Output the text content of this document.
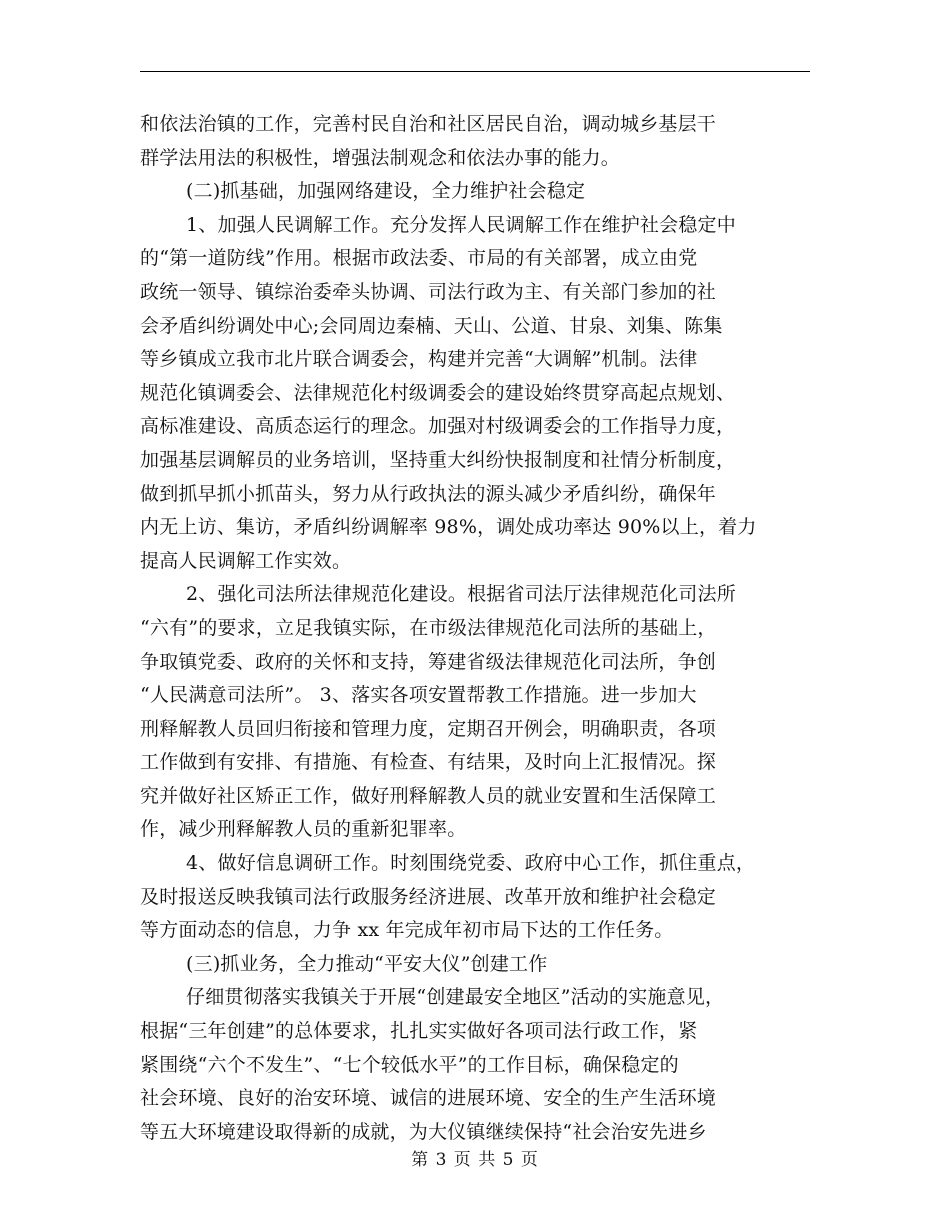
和依法治镇的工作，完善村民自治和社区居民自治，调动城乡基层干
群学法用法的积极性，增强法制观念和依法办事的能力。
(二)抓基础，加强网络建设，全力维护社会稳定
1、加强人民调解工作。充分发挥人民调解工作在维护社会稳定中
的“第一道防线”作用。根据市政法委、市局的有关部署，成立由党
政统一领导、镇综治委牵头协调、司法行政为主、有关部门参加的社
会矛盾纠纷调处中心;会同周边秦楠、天山、公道、甘泉、刘集、陈集
等乡镇成立我市北片联合调委会，构建并完善“大调解”机制。法律
规范化镇调委会、法律规范化村级调委会的建设始终贯穿高起点规划、
高标准建设、高质态运行的理念。加强对村级调委会的工作指导力度，
加强基层调解员的业务培训，坚持重大纠纷快报制度和社情分析制度，
做到抓早抓小抓苗头，努力从行政执法的源头减少矛盾纠纷，确保年
内无上访、集访，矛盾纠纷调解率 98%，调处成功率达 90%以上，着力
提高人民调解工作实效。
2、强化司法所法律规范化建设。根据省司法厅法律规范化司法所
“六有”的要求，立足我镇实际，在市级法律规范化司法所的基础上，
争取镇党委、政府的关怀和支持，筹建省级法律规范化司法所，争创
“人民满意司法所”。 3、落实各项安置帮教工作措施。进一步加大
刑释解教人员回归衔接和管理力度，定期召开例会，明确职责，各项
工作做到有安排、有措施、有检查、有结果，及时向上汇报情况。探
究并做好社区矫正工作，做好刑释解教人员的就业安置和生活保障工
作，减少刑释解教人员的重新犯罪率。
4、做好信息调研工作。时刻围绕党委、政府中心工作，抓住重点，
及时报送反映我镇司法行政服务经济进展、改革开放和维护社会稳定
等方面动态的信息，力争 xx 年完成年初市局下达的工作任务。
(三)抓业务，全力推动“平安大仪”创建工作
仔细贯彻落实我镇关于开展“创建最安全地区”活动的实施意见，
根据“三年创建”的总体要求，扎扎实实做好各项司法行政工作，紧
紧围绕“六个不发生”、“七个较低水平”的工作目标，确保稳定的
社会环境、良好的治安环境、诚信的进展环境、安全的生产生活环境
等五大环境建设取得新的成就，为大仪镇继续保持“社会治安先进乡
第 3 页 共 5 页
